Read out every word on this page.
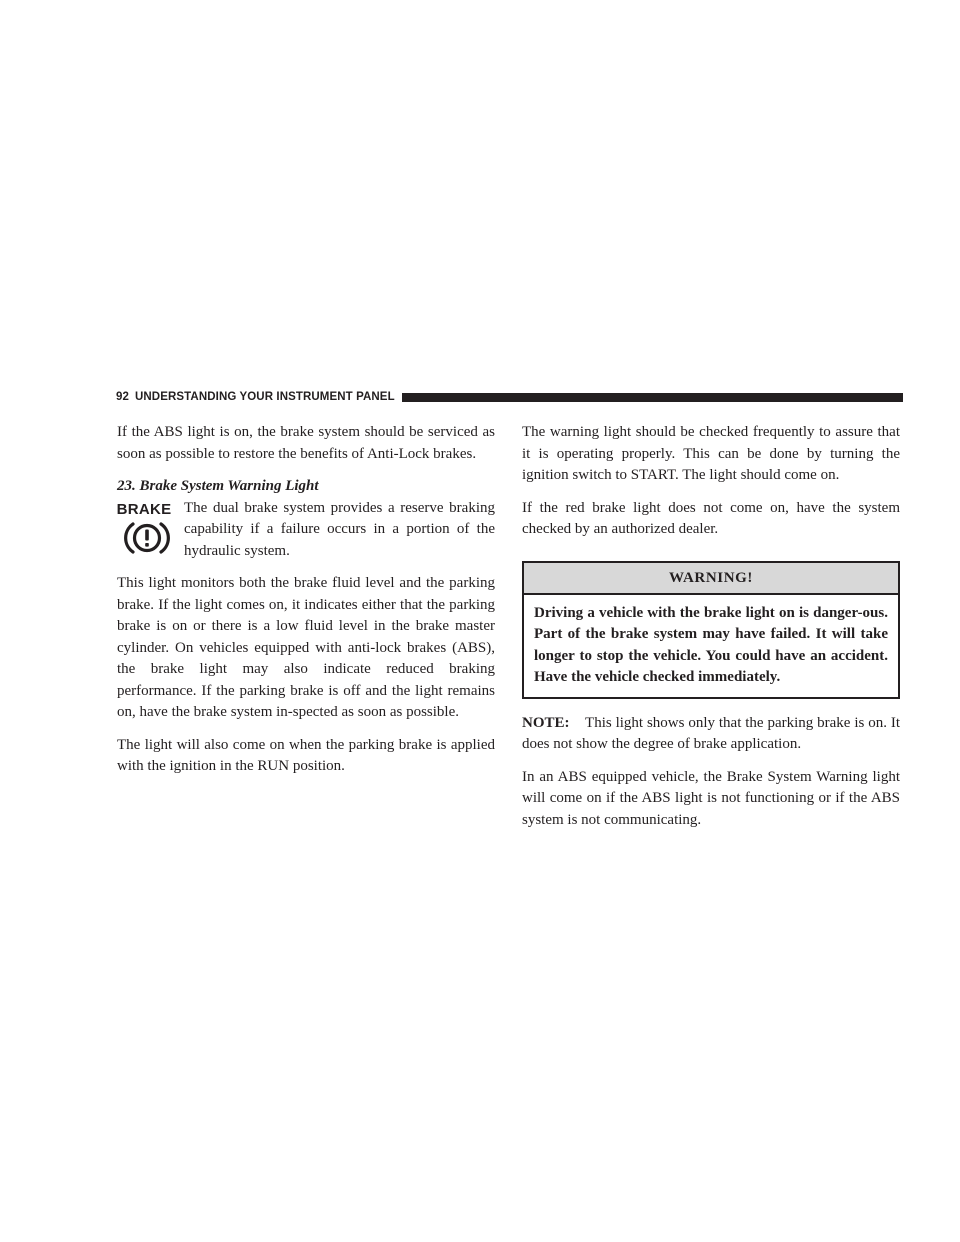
92 UNDERSTANDING YOUR INSTRUMENT PANEL

If the ABS light is on, the brake system should be serviced as soon as possible to restore the benefits of Anti-Lock brakes.

23. Brake System Warning Light

BRAKE The dual brake system provides a reserve braking capability if a failure occurs in a portion of the hydraulic system.

This light monitors both the brake fluid level and the parking brake. If the light comes on, it indicates either that the parking brake is on or there is a low fluid level in the brake master cylinder. On vehicles equipped with anti-lock brakes (ABS), the brake light may also indicate reduced braking performance. If the parking brake is off and the light remains on, have the brake system in-spected as soon as possible.

The light will also come on when the parking brake is applied with the ignition in the RUN position.

The warning light should be checked frequently to assure that it is operating properly. This can be done by turning the ignition switch to START. The light should come on.

If the red brake light does not come on, have the system checked by an authorized dealer.

WARNING!
Driving a vehicle with the brake light on is danger-ous. Part of the brake system may have failed. It will take longer to stop the vehicle. You could have an accident. Have the vehicle checked immediately.

NOTE: This light shows only that the parking brake is on. It does not show the degree of brake application.

In an ABS equipped vehicle, the Brake System Warning light will come on if the ABS light is not functioning or if the ABS system is not communicating.
